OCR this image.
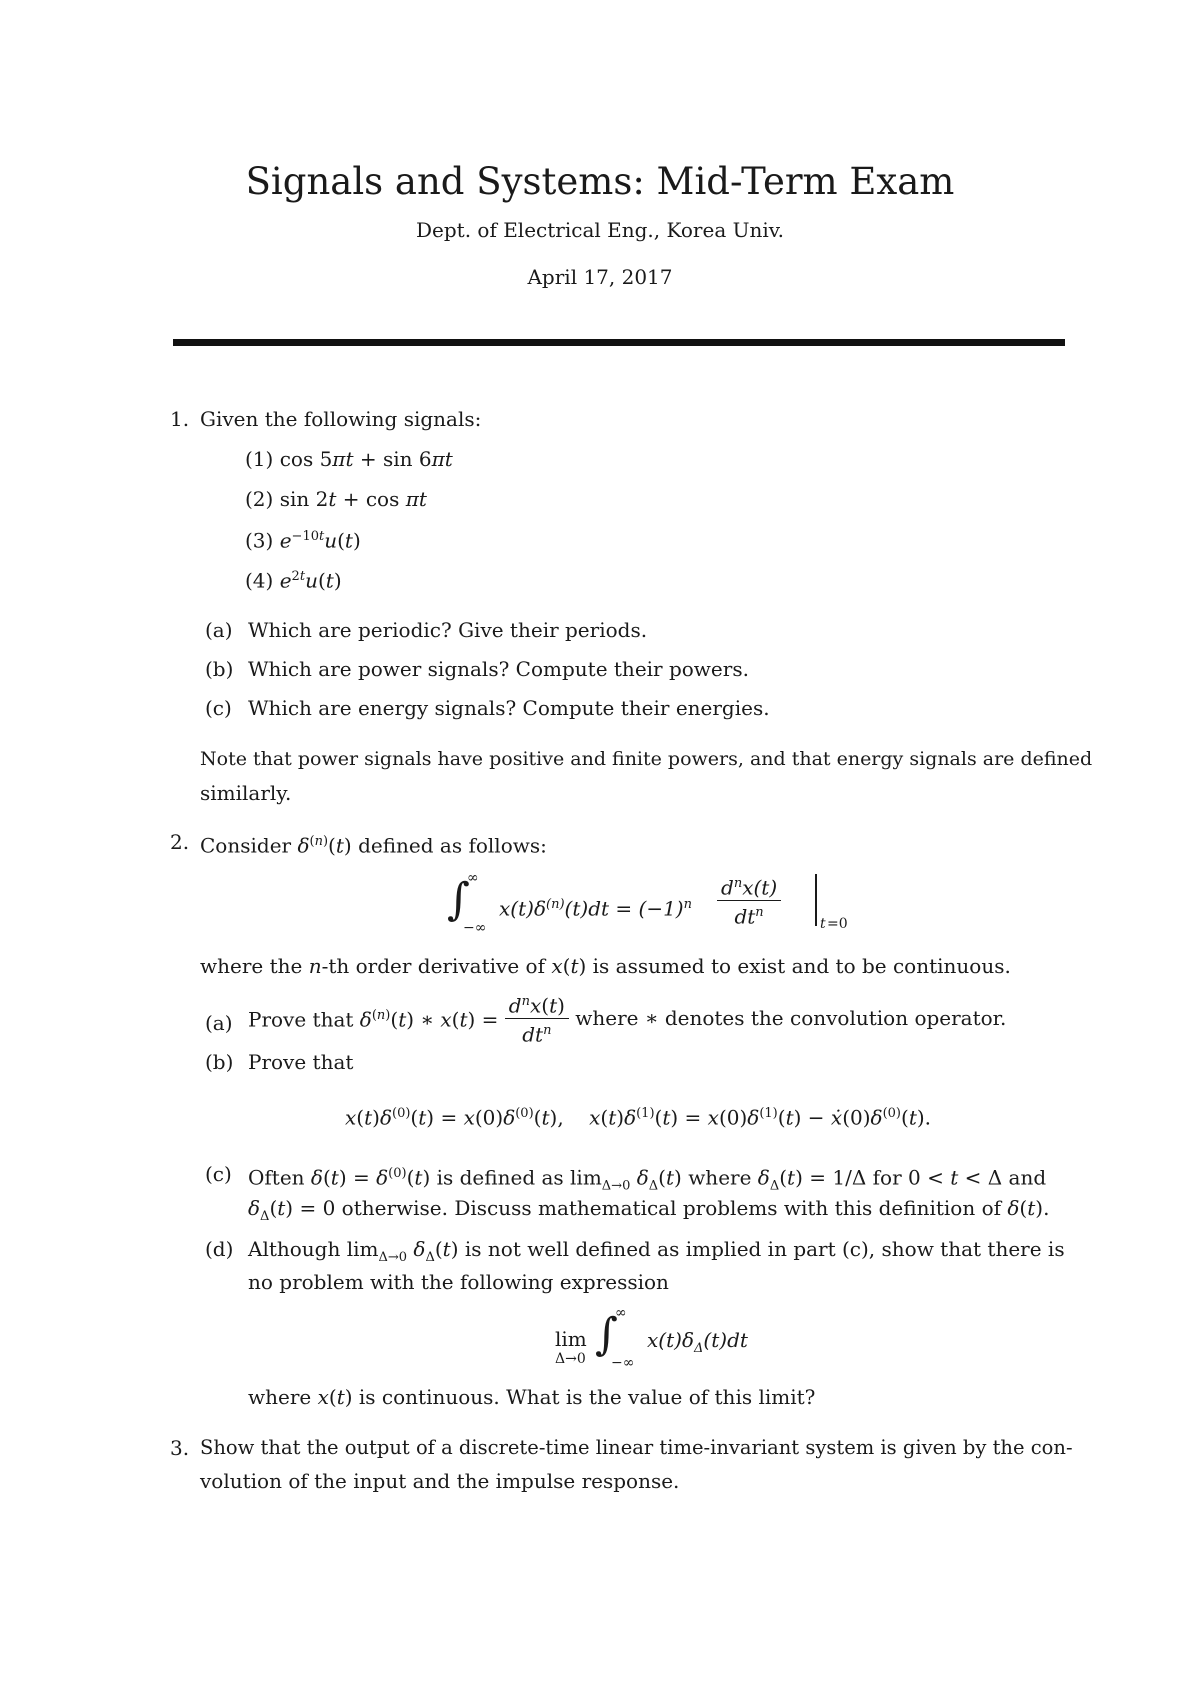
Signals and Systems: Mid-Term Exam
Dept. of Electrical Eng., Korea Univ.
April 17, 2017
1. Given the following signals:
(1) cos 5πt + sin 6πt
(2) sin 2t + cos πt
(3) $e^{-10t}u(t)$
(4) $e^{2t}u(t)$
(a) Which are periodic? Give their periods.
(b) Which are power signals? Compute their powers.
(c) Which are energy signals? Compute their energies.
Note that power signals have positive and finite powers, and that energy signals are defined
similarly.
2. Consider $\delta^{(n)}(t)$ defined as follows:
∫
∞
−∞
$x(t)\delta^{(n)}(t)dt = (-1)^n$
$d^nx(t)$
$dt^n$
t =0
where the n-th order derivative of x(t) is assumed to exist and to be continuous.
(a) Prove that $\delta^{(n)}(t)$ ∗ $x(t) = \frac{d^nx(t)}{dt^n}$ where ∗ denotes the convolution operator.
(b) Prove that
$x(t)\delta^{(0)}(t) = x(0)\delta^{(0)}(t)$,    $x(t)\delta^{(1)}(t) = x(0)\delta^{(1)}(t)$ − $ẋ(0)\delta^{(0)}(t)$.
(c) Often $\delta(t) = \delta^{(0)}(t)$ is defined as $\lim_{\Delta\to 0} \delta_\Delta(t)$ where $\delta_\Delta(t) = 1/\Delta$ for 0 < t < Δ and
$\delta_\Delta(t) = 0$ otherwise. Discuss mathematical problems with this definition of δ(t).
(d) Although $\lim_{\Delta\to 0} \delta_\Delta(t)$ is not well defined as implied in part (c), show that there is
no problem with the following expression
lim
Δ→0 ∫
∞
−∞
$x(t)\delta_\Delta(t)dt$
where x(t) is continuous. What is the value of this limit?
3. Show that the output of a discrete-time linear time-invariant system is given by the con-
volution of the input and the impulse response.
